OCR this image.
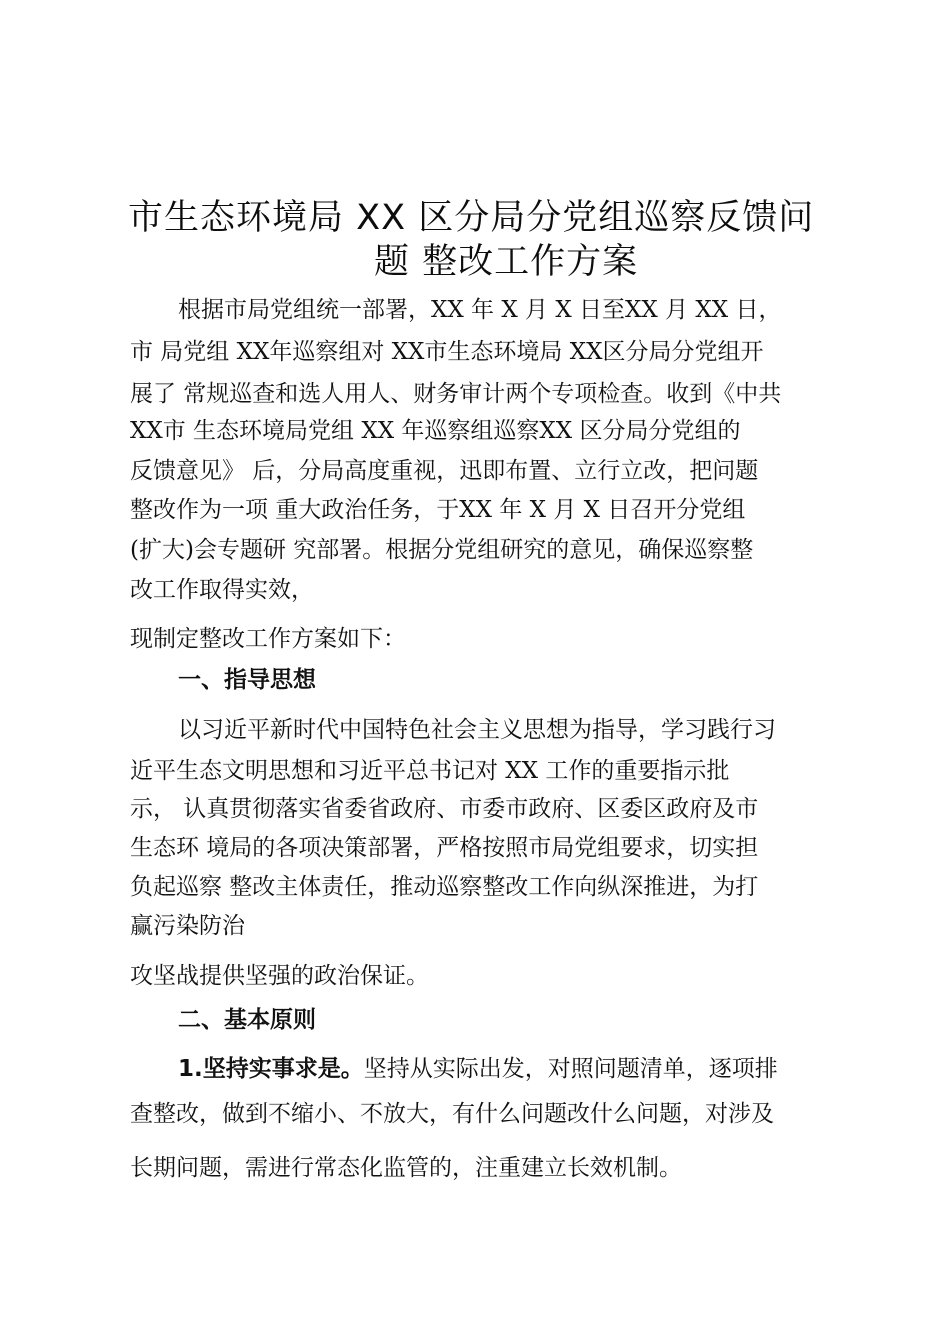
市生态环境局 XX 区分局分党组巡察反馈问
题 整改工作方案
根据市局党组统一部署，XX 年 X 月 X 日至XX 月 XX 日，
市 局党组 XX年巡察组对 XX市生态环境局 XX区分局分党组开
展了 常规巡查和选人用人、财务审计两个专项检查。收到《中共
XX市 生态环境局党组 XX 年巡察组巡察XX 区分局分党组的
反馈意见》 后，分局高度重视，迅即布置、立行立改，把问题
整改作为一项 重大政治任务，于XX 年 X 月 X 日召开分党组
(扩大)会专题研 究部署。根据分党组研究的意见，确保巡察整
改工作取得实效，
现制定整改工作方案如下：
一、指导思想
以习近平新时代中国特色社会主义思想为指导，学习践行习
近平生态文明思想和习近平总书记对 XX 工作的重要指示批
示， 认真贯彻落实省委省政府、市委市政府、区委区政府及市
生态环 境局的各项决策部署，严格按照市局党组要求，切实担
负起巡察 整改主体责任，推动巡察整改工作向纵深推进，为打
赢污染防治
攻坚战提供坚强的政治保证。
二、基本原则
1.坚持实事求是。坚持从实际出发，对照问题清单，逐项排
查整改，做到不缩小、不放大，有什么问题改什么问题，对涉及
长期问题，需进行常态化监管的，注重建立长效机制。
